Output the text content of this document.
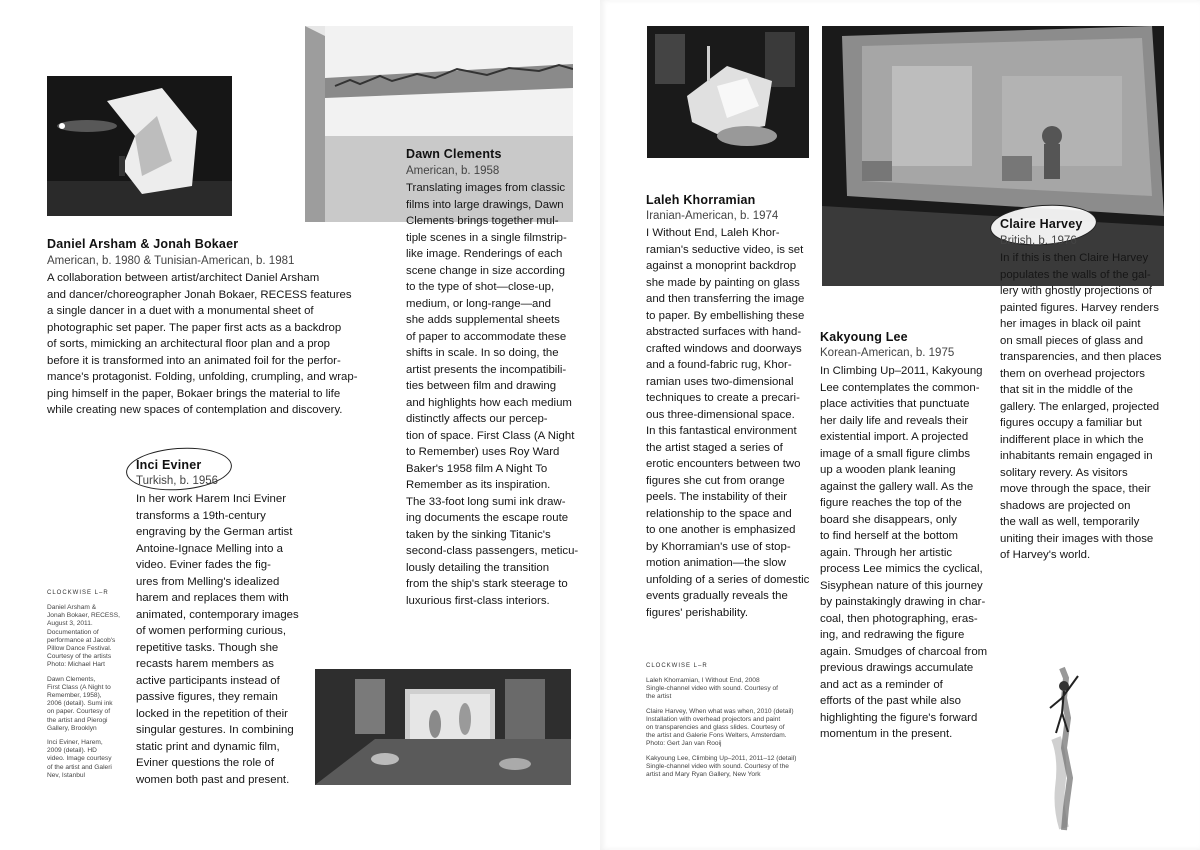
Daniel Arsham & Jonah Bokaer
American, b. 1980 & Tunisian-American, b. 1981
A collaboration between artist/architect Daniel Arsham
and dancer/choreographer Jonah Bokaer, RECESS features
a single dancer in a duet with a monumental sheet of
photographic set paper. The paper first acts as a backdrop
of sorts, mimicking an architectural floor plan and a prop
before it is transformed into an animated foil for the perfor-
mance's protagonist. Folding, unfolding, crumpling, and wrap-
ping himself in the paper, Bokaer brings the material to life
while creating new spaces of contemplation and discovery.
Dawn Clements
American, b. 1958
Translating images from classic
films into large drawings, Dawn
Clements brings together mul-
tiple scenes in a single filmstrip-
like image. Renderings of each
scene change in size according
to the type of shot—close-up,
medium, or long-range—and
she adds supplemental sheets
of paper to accommodate these
shifts in scale. In so doing, the
artist presents the incompatibili-
ties between film and drawing
and highlights how each medium
distinctly affects our percep-
tion of space. First Class (A Night
to Remember) uses Roy Ward
Baker's 1958 film A Night To
Remember as its inspiration.
The 33-foot long sumi ink draw-
ing documents the escape route
taken by the sinking Titanic's
second-class passengers, meticu-
lously detailing the transition
from the ship's stark steerage to
luxurious first-class interiors.
Inci Eviner
Turkish, b. 1956
In her work Harem Inci Eviner
transforms a 19th-century
engraving by the German artist
Antoine-Ignace Melling into a
video. Eviner fades the fig-
ures from Melling's idealized
harem and replaces them with
animated, contemporary images
of women performing curious,
repetitive tasks. Though she
recasts harem members as
active participants instead of
passive figures, they remain
locked in the repetition of their
singular gestures. In combining
static print and dynamic film,
Eviner questions the role of
women both past and present.
CLOCKWISE L–R
Daniel Arsham &
Jonah Bokaer, RECESS,
August 3, 2011.
Documentation of
performance at Jacob's
Pillow Dance Festival.
Courtesy of the artists
Photo: Michael Hart
Dawn Clements,
First Class (A Night to
Remember, 1958),
2006 (detail). Sumi ink
on paper. Courtesy of
the artist and Pierogi
Gallery, Brooklyn
Inci Eviner, Harem,
2009 (detail). HD
video. Image courtesy
of the artist and Galeri
Nev, Istanbul
Laleh Khorramian
Iranian-American, b. 1974
I Without End, Laleh Khor-
ramian's seductive video, is set
against a monoprint backdrop
she made by painting on glass
and then transferring the image
to paper. By embellishing these
abstracted surfaces with hand-
crafted windows and doorways
and a found-fabric rug, Khor-
ramian uses two-dimensional
techniques to create a precari-
ous three-dimensional space.
In this fantastical environment
the artist staged a series of
erotic encounters between two
figures she cut from orange
peels. The instability of their
relationship to the space and
to one another is emphasized
by Khorramian's use of stop-
motion animation—the slow
unfolding of a series of domestic
events gradually reveals the
figures' perishability.
Kakyoung Lee
Korean-American, b. 1975
In Climbing Up–2011, Kakyoung
Lee contemplates the common-
place activities that punctuate
her daily life and reveals their
existential import. A projected
image of a small figure climbs
up a wooden plank leaning
against the gallery wall. As the
figure reaches the top of the
board she disappears, only
to find herself at the bottom
again. Through her artistic
process Lee mimics the cyclical,
Sisyphean nature of this journey
by painstakingly drawing in char-
coal, then photographing, eras-
ing, and redrawing the figure
again. Smudges of charcoal from
previous drawings accumulate
and act as a reminder of
efforts of the past while also
highlighting the figure's forward
momentum in the present.
Claire Harvey
British, b. 1976
In if this is then Claire Harvey
populates the walls of the gal-
lery with ghostly projections of
painted figures. Harvey renders
her images in black oil paint
on small pieces of glass and
transparencies, and then places
them on overhead projectors
that sit in the middle of the
gallery. The enlarged, projected
figures occupy a familiar but
indifferent place in which the
inhabitants remain engaged in
solitary revery. As visitors
move through the space, their
shadows are projected on
the wall as well, temporarily
uniting their images with those
of Harvey's world.
CLOCKWISE L–R
Laleh Khorramian, I Without End, 2008
Single-channel video with sound. Courtesy of
the artist
Claire Harvey, When what was when, 2010 (detail)
Installation with overhead projectors and paint
on transparencies and glass slides. Courtesy of
the artist and Galerie Fons Welters, Amsterdam.
Photo: Gert Jan van Rooij
Kakyoung Lee, Climbing Up–2011, 2011–12 (detail)
Single-channel video with sound. Courtesy of the
artist and Mary Ryan Gallery, New York
